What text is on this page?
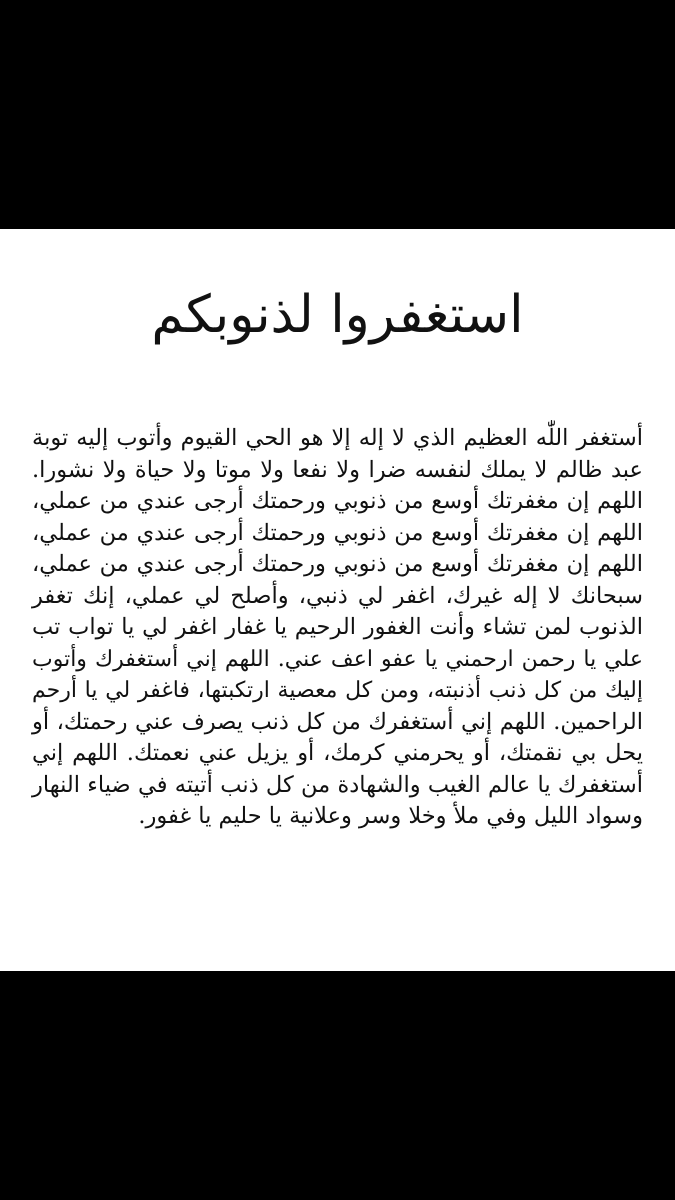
استغفروا لذنوبكم
أستغفر اللّٰه العظيم الذي لا إله إلا هو الحي القيوم وأتوب إليه توبة
عبد ظالم لا يملك لنفسه ضرا ولا نفعا ولا موتا ولا حياة ولا نشورا.
اللهم إن مغفرتك أوسع من ذنوبي ورحمتك أرجى عندي من عملي،
اللهم إن مغفرتك أوسع من ذنوبي ورحمتك أرجى عندي من عملي،
اللهم إن مغفرتك أوسع من ذنوبي ورحمتك أرجى عندي من عملي،
سبحانك لا إله غيرك، اغفر لي ذنبي، وأصلح لي عملي، إنك تغفر
الذنوب لمن تشاء وأنت الغفور الرحيم يا غفار اغفر لي يا تواب تب
علي يا رحمن ارحمني يا عفو اعف عني. اللهم إني أستغفرك وأتوب
إليك من كل ذنب أذنبته، ومن كل معصية ارتكبتها، فاغفر لي يا أرحم
الراحمين. اللهم إني أستغفرك من كل ذنب يصرف عني رحمتك، أو
يحل بي نقمتك، أو يحرمني كرمك، أو يزيل عني نعمتك. اللهم إني
أستغفرك يا عالم الغيب والشهادة من كل ذنب أتيته في ضياء النهار
وسواد الليل وفي ملأ وخلا وسر وعلانية يا حليم يا غفور.
